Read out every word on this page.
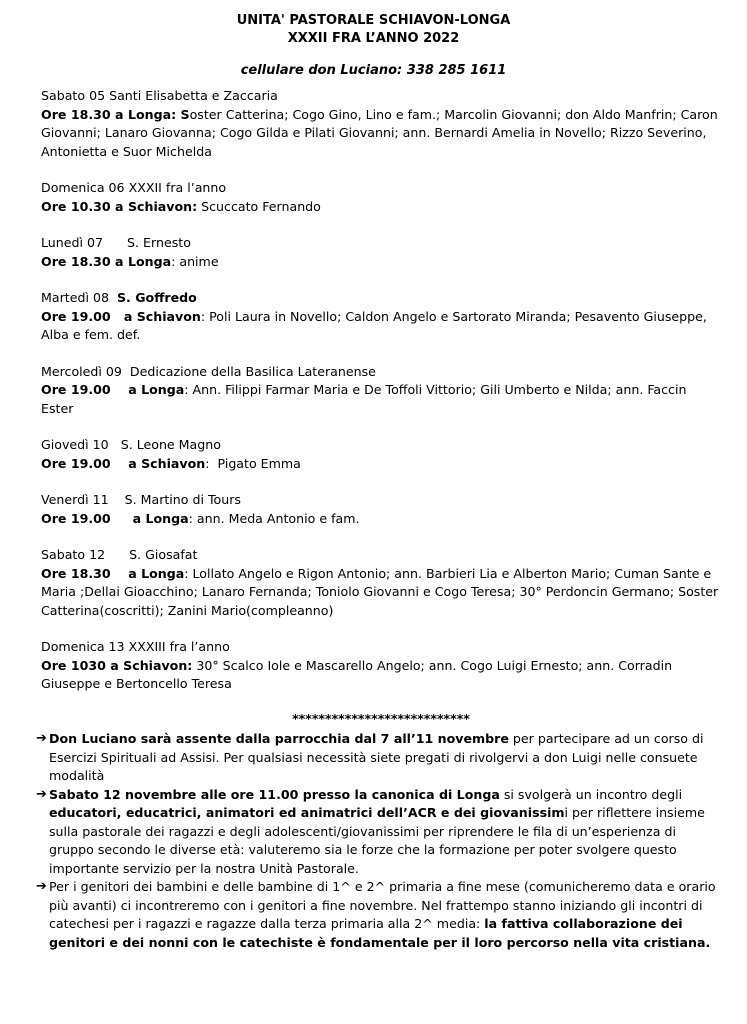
UNITA' PASTORALE SCHIAVON-LONGA
XXXII FRA L’ANNO 2022
cellulare don Luciano: 338 285 1611
Sabato 05 Santi Elisabetta e Zaccaria
Ore 18.30 a Longa: Soster Catterina; Cogo Gino, Lino e fam.; Marcolin Giovanni; don Aldo Manfrin; Caron Giovanni; Lanaro Giovanna; Cogo Gilda e Pilati Giovanni; ann. Bernardi Amelia in Novello; Rizzo Severino, Antonietta e Suor Michelda
Domenica 06 XXXII fra l’anno
Ore 10.30 a Schiavon: Scuccato Fernando
Lunedì 07      S. Ernesto
Ore 18.30 a Longa: anime
Martedì 08  S. Goffredo
Ore 19.00   a Schiavon: Poli Laura in Novello; Caldon Angelo e Sartorato Miranda; Pesavento Giuseppe, Alba e fem. def.
Mercoledì 09  Dedicazione della Basilica Lateranense
Ore 19.00    a Longa: Ann. Filippi Farmar Maria e De Toffoli Vittorio; Gili Umberto e Nilda; ann. Faccin Ester
Giovedì 10   S. Leone Magno
Ore 19.00    a Schiavon:  Pigato Emma
Venerdì 11    S. Martino di Tours
Ore 19.00     a Longa: ann. Meda Antonio e fam.
Sabato 12      S. Giosafat
Ore 18.30    a Longa: Lollato Angelo e Rigon Antonio; ann. Barbieri Lia e Alberton Mario; Cuman Sante e Maria ;Dellai Gioacchino; Lanaro Fernanda; Toniolo Giovanni e Cogo Teresa; 30° Perdoncin Germano; Soster Catterina(coscritti); Zanini Mario(compleanno)
Domenica 13 XXXIII fra l’anno
Ore 1030 a Schiavon: 30° Scalco Iole e Mascarello Angelo; ann. Cogo Luigi Ernesto; ann. Corradin Giuseppe e Bertoncello Teresa
***************************
➔ Don Luciano sarà assente dalla parrocchia dal 7 all’11 novembre per partecipare ad un corso di Esercizi Spirituali ad Assisi. Per qualsiasi necessità siete pregati di rivolgervi a don Luigi nelle consuete modalità
➔ Sabato 12 novembre alle ore 11.00 presso la canonica di Longa si svolgerà un incontro degli educatori, educatrici, animatori ed animatrici dell’ACR e dei giovanissimi per riflettere insieme sulla pastorale dei ragazzi e degli adolescenti/giovanissimi per riprendere le fila di un’esperienza di gruppo secondo le diverse età: valuteremo sia le forze che la formazione per poter svolgere questo importante servizio per la nostra Unità Pastorale.
➔ Per i genitori dei bambini e delle bambine di 1^ e 2^ primaria a fine mese (comunicheremo data e orario più avanti) ci incontreremo con i genitori a fine novembre. Nel frattempo stanno iniziando gli incontri di catechesi per i ragazzi e ragazze dalla terza primaria alla 2^ media: la fattiva collaborazione dei genitori e dei nonni con le catechiste è fondamentale per il loro percorso nella vita cristiana.
